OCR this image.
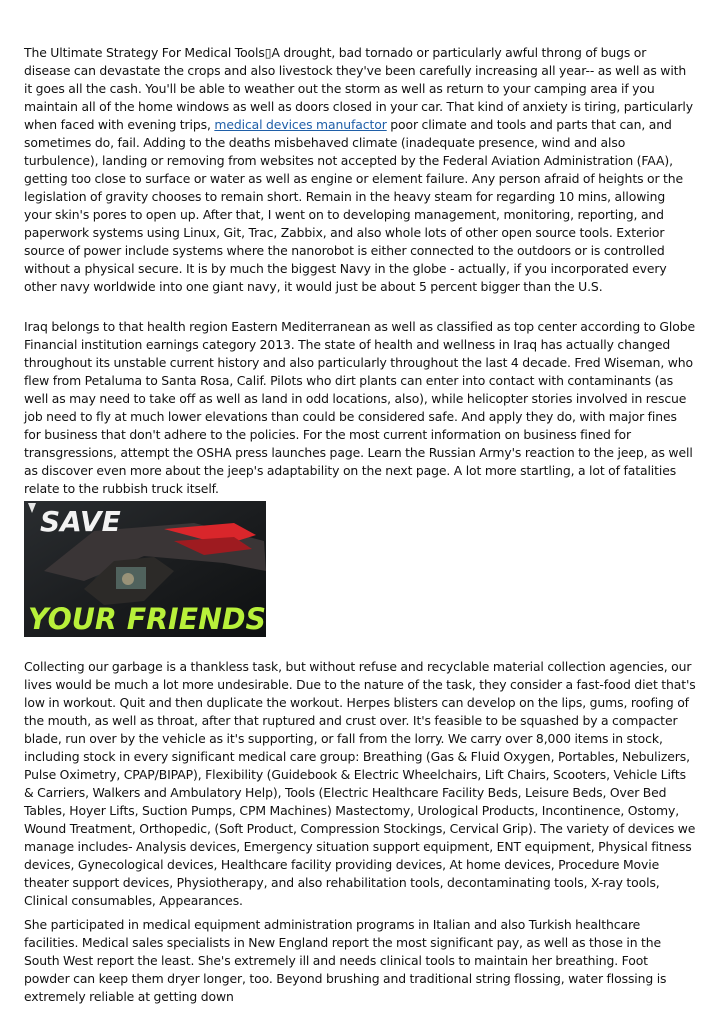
The Ultimate Strategy For Medical Tools▯A drought, bad tornado or particularly awful throng of bugs or disease can devastate the crops and also livestock they've been carefully increasing all year-- as well as with it goes all the cash. You'll be able to weather out the storm as well as return to your camping area if you maintain all of the home windows as well as doors closed in your car. That kind of anxiety is tiring, particularly when faced with evening trips, medical devices manufactor poor climate and tools and parts that can, and sometimes do, fail. Adding to the deaths misbehaved climate (inadequate presence, wind and also turbulence), landing or removing from websites not accepted by the Federal Aviation Administration (FAA), getting too close to surface or water as well as engine or element failure. Any person afraid of heights or the legislation of gravity chooses to remain short. Remain in the heavy steam for regarding 10 mins, allowing your skin's pores to open up. After that, I went on to developing management, monitoring, reporting, and paperwork systems using Linux, Git, Trac, Zabbix, and also whole lots of other open source tools. Exterior source of power include systems where the nanorobot is either connected to the outdoors or is controlled without a physical secure. It is by much the biggest Navy in the globe - actually, if you incorporated every other navy worldwide into one giant navy, it would just be about 5 percent bigger than the U.S.

Iraq belongs to that health region Eastern Mediterranean as well as classified as top center according to Globe Financial institution earnings category 2013. The state of health and wellness in Iraq has actually changed throughout its unstable current history and also particularly throughout the last 4 decade. Fred Wiseman, who flew from Petaluma to Santa Rosa, Calif. Pilots who dirt plants can enter into contact with contaminants (as well as may need to take off as well as land in odd locations, also), while helicopter stories involved in rescue job need to fly at much lower elevations than could be considered safe. And apply they do, with major fines for business that don't adhere to the policies. For the most current information on business fined for transgressions, attempt the OSHA press launches page. Learn the Russian Army's reaction to the jeep, as well as discover even more about the jeep's adaptability on the next page. A lot more startling, a lot of fatalities relate to the rubbish truck itself.

SAVE
YOUR FRIENDS

Collecting our garbage is a thankless task, but without refuse and recyclable material collection agencies, our lives would be much a lot more undesirable. Due to the nature of the task, they consider a fast-food diet that's low in workout. Quit and then duplicate the workout. Herpes blisters can develop on the lips, gums, roofing of the mouth, as well as throat, after that ruptured and crust over. It's feasible to be squashed by a compacter blade, run over by the vehicle as it's supporting, or fall from the lorry. We carry over 8,000 items in stock, including stock in every significant medical care group: Breathing (Gas & Fluid Oxygen, Portables, Nebulizers, Pulse Oximetry, CPAP/BIPAP), Flexibility (Guidebook & Electric Wheelchairs, Lift Chairs, Scooters, Vehicle Lifts & Carriers, Walkers and Ambulatory Help), Tools (Electric Healthcare Facility Beds, Leisure Beds, Over Bed Tables, Hoyer Lifts, Suction Pumps, CPM Machines) Mastectomy, Urological Products, Incontinence, Ostomy, Wound Treatment, Orthopedic, (Soft Product, Compression Stockings, Cervical Grip). The variety of devices we manage includes- Analysis devices, Emergency situation support equipment, ENT equipment, Physical fitness devices, Gynecological devices, Healthcare facility providing devices, At home devices, Procedure Movie theater support devices, Physiotherapy, and also rehabilitation tools, decontaminating tools, X-ray tools, Clinical consumables, Appearances.

She participated in medical equipment administration programs in Italian and also Turkish healthcare facilities. Medical sales specialists in New England report the most significant pay, as well as those in the South West report the least. She's extremely ill and needs clinical tools to maintain her breathing. Foot powder can keep them dryer longer, too. Beyond brushing and traditional string flossing, water flossing is extremely reliable at getting down
